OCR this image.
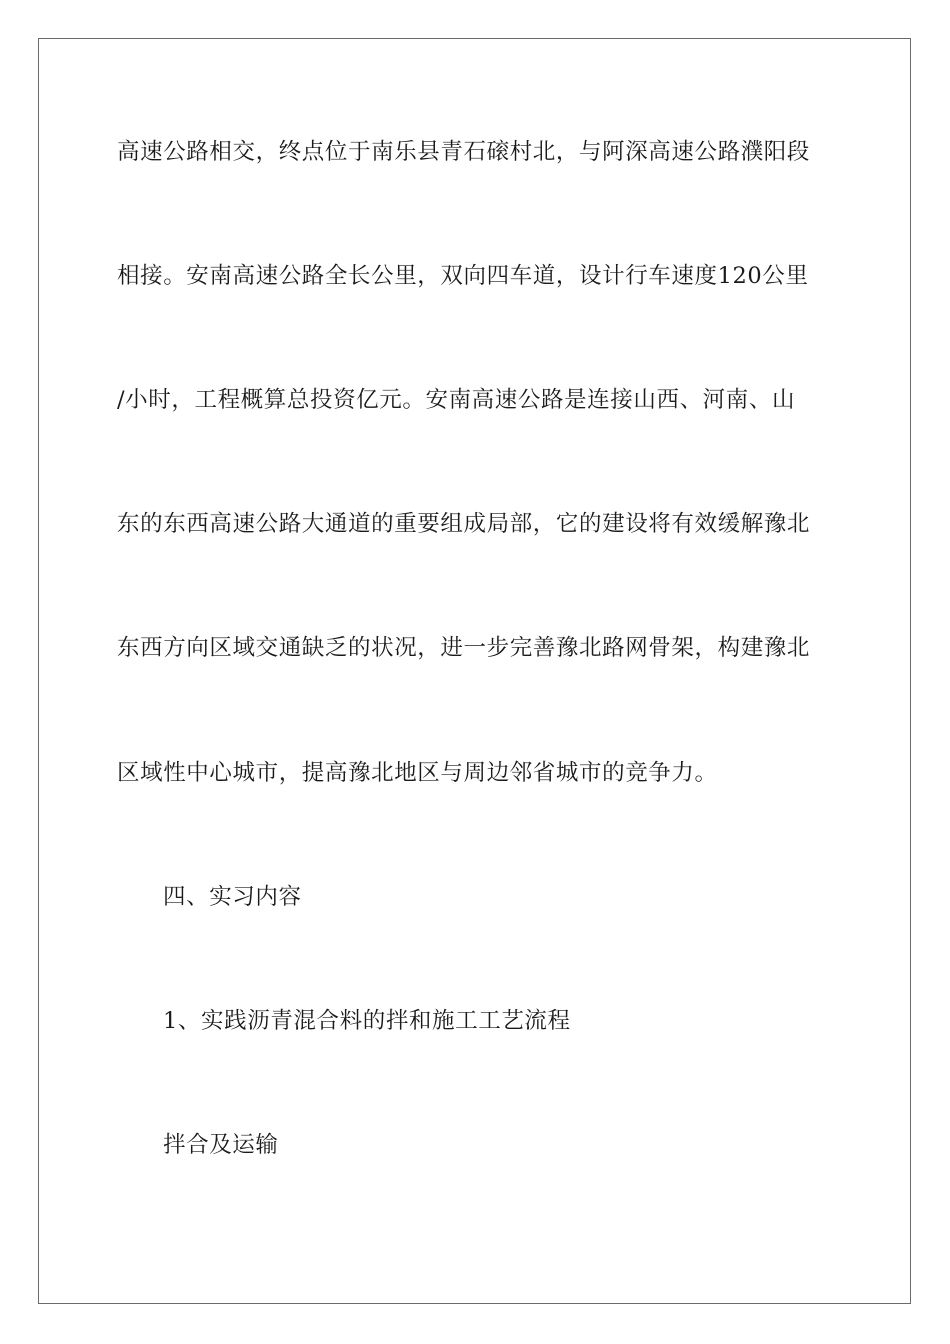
高速公路相交，终点位于南乐县青石磙村北，与阿深高速公路濮阳段
相接。安南高速公路全长公里，双向四车道，设计行车速度120公里
/小时，工程概算总投资亿元。安南高速公路是连接山西、河南、山
东的东西高速公路大通道的重要组成局部，它的建设将有效缓解豫北
东西方向区域交通缺乏的状况，进一步完善豫北路网骨架，构建豫北
区域性中心城市，提高豫北地区与周边邻省城市的竞争力。
四、实习内容
1、实践沥青混合料的拌和施工工艺流程
拌合及运输
